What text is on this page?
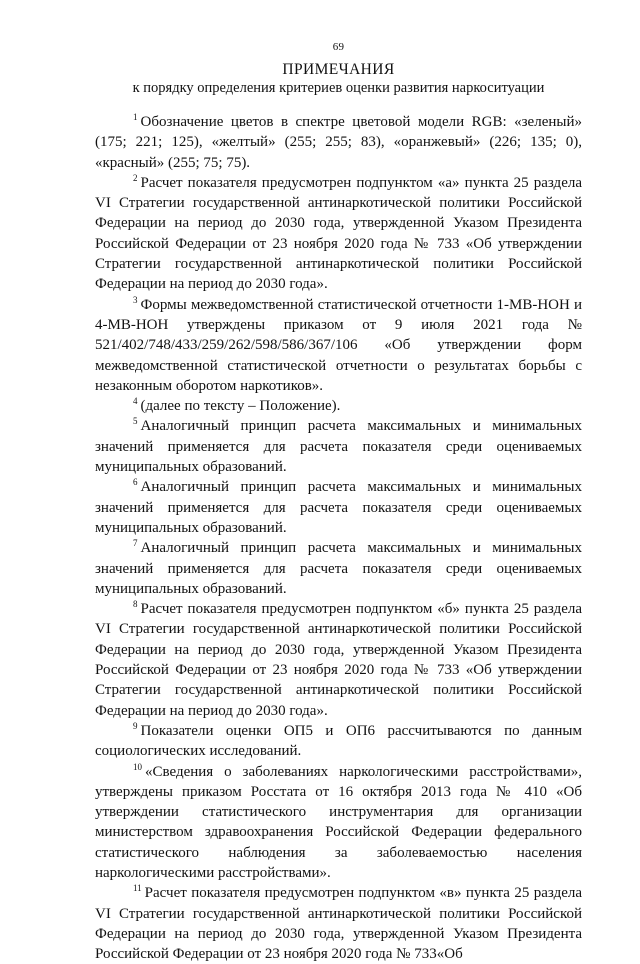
69
ПРИМЕЧАНИЯ
к порядку определения критериев оценки развития наркоситуации

$^1$ Обозначение цветов в спектре цветовой модели RGB: «зеленый» (175; 221; 125), «желтый» (255; 255; 83), «оранжевый» (226; 135; 0), «красный» (255; 75; 75).

$^2$ Расчет показателя предусмотрен подпунктом «а» пункта 25 раздела VI Стратегии государственной антинаркотической политики Российской Федерации на период до 2030 года, утвержденной Указом Президента Российской Федерации от 23 ноября 2020 года № 733 «Об утверждении Стратегии государственной антинаркотической политики Российской Федерации на период до 2030 года».

$^3$ Формы межведомственной статистической отчетности 1-МВ-НОН и 4-МВ-НОН утверждены приказом от 9 июля 2021 года № 521/402/748/433/259/262/598/586/367/106 «Об утверждении форм межведомственной статистической отчетности о результатах борьбы с незаконным оборотом наркотиков».

$^4$ (далее по тексту – Положение).

$^5$ Аналогичный принцип расчета максимальных и минимальных значений применяется для расчета показателя среди оцениваемых муниципальных образований.

$^6$ Аналогичный принцип расчета максимальных и минимальных значений применяется для расчета показателя среди оцениваемых муниципальных образований.

$^7$ Аналогичный принцип расчета максимальных и минимальных значений применяется для расчета показателя среди оцениваемых муниципальных образований.

$^8$ Расчет показателя предусмотрен подпунктом «б» пункта 25 раздела VI Стратегии государственной антинаркотической политики Российской Федерации на период до 2030 года, утвержденной Указом Президента Российской Федерации от 23 ноября 2020 года № 733 «Об утверждении Стратегии государственной антинаркотической политики Российской Федерации на период до 2030 года».

$^9$ Показатели оценки ОП5 и ОП6 рассчитываются по данным социологических исследований.

$^{10}$ «Сведения о заболеваниях наркологическими расстройствами», утверждены приказом Росстата от 16 октября 2013 года № 410 «Об утверждении статистического инструментария для организации министерством здравоохранения Российской Федерации федерального статистического наблюдения за заболеваемостью населения наркологическими расстройствами».

$^{11}$ Расчет показателя предусмотрен подпунктом «в» пункта 25 раздела VI Стратегии государственной антинаркотической политики Российской Федерации на период до 2030 года, утвержденной Указом Президента Российской Федерации от 23 ноября 2020 года № 733«Об
